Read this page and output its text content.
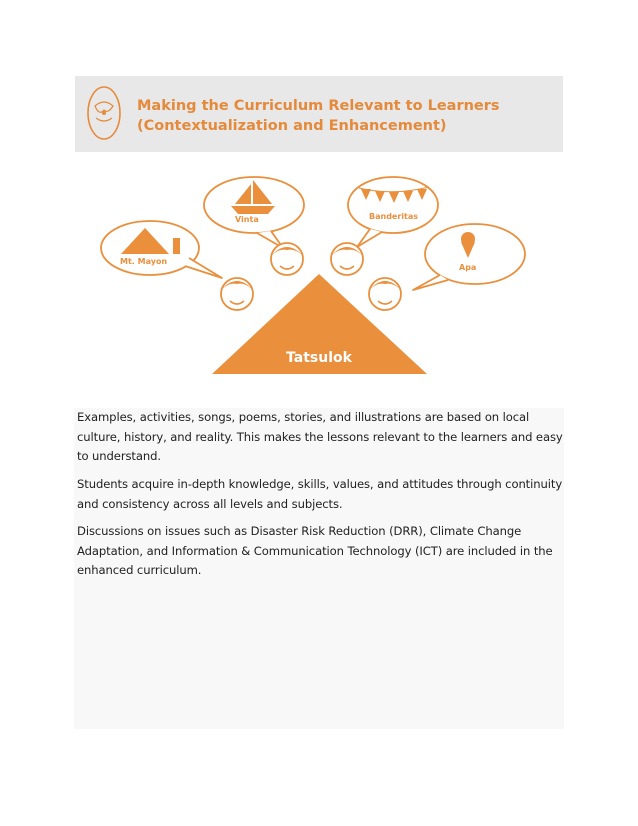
Making the Curriculum Relevant to Learners
(Contextualization and Enhancement)
Vinta	Banderitas
Mt. Mayon
Apa
Tatsulok

Examples, activities, songs, poems, stories, and illustrations are based on local culture, history, and reality. This makes the lessons relevant to the learners and easy to understand.

Students acquire in-depth knowledge, skills, values, and attitudes through continuity and consistency across all levels and subjects.

Discussions on issues such as Disaster Risk Reduction (DRR), Climate Change Adaptation, and Information & Communication Technology (ICT) are included in the enhanced curriculum.
